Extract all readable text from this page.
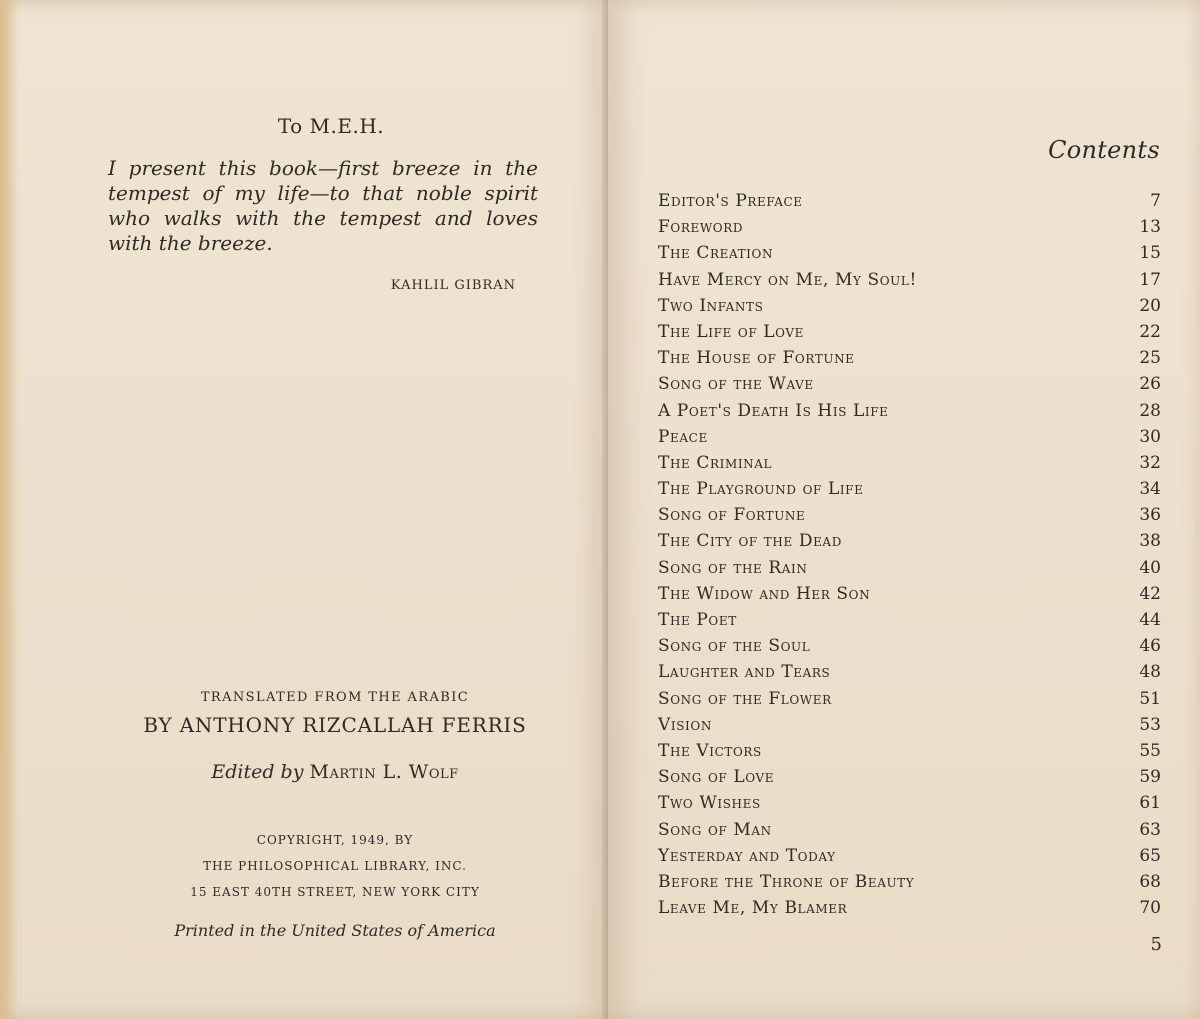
To M.E.H.
I present this book—first breeze in the tempest of my life—to that noble spirit who walks with the tempest and loves with the breeze.
KAHLIL GIBRAN
TRANSLATED FROM THE ARABIC
BY ANTHONY RIZCALLAH FERRIS
Edited by Martin L. Wolf
COPYRIGHT, 1949, BY
THE PHILOSOPHICAL LIBRARY, INC.
15 EAST 40TH STREET, NEW YORK CITY
Printed in the United States of America
Contents
Editor's Preface	7
Foreword	13
The Creation	15
Have Mercy on Me, My Soul!	17
Two Infants	20
The Life of Love	22
The House of Fortune	25
Song of the Wave	26
A Poet's Death Is His Life	28
Peace	30
The Criminal	32
The Playground of Life	34
Song of Fortune	36
The City of the Dead	38
Song of the Rain	40
The Widow and Her Son	42
The Poet	44
Song of the Soul	46
Laughter and Tears	48
Song of the Flower	51
Vision	53
The Victors	55
Song of Love	59
Two Wishes	61
Song of Man	63
Yesterday and Today	65
Before the Throne of Beauty	68
Leave Me, My Blamer	70
5
